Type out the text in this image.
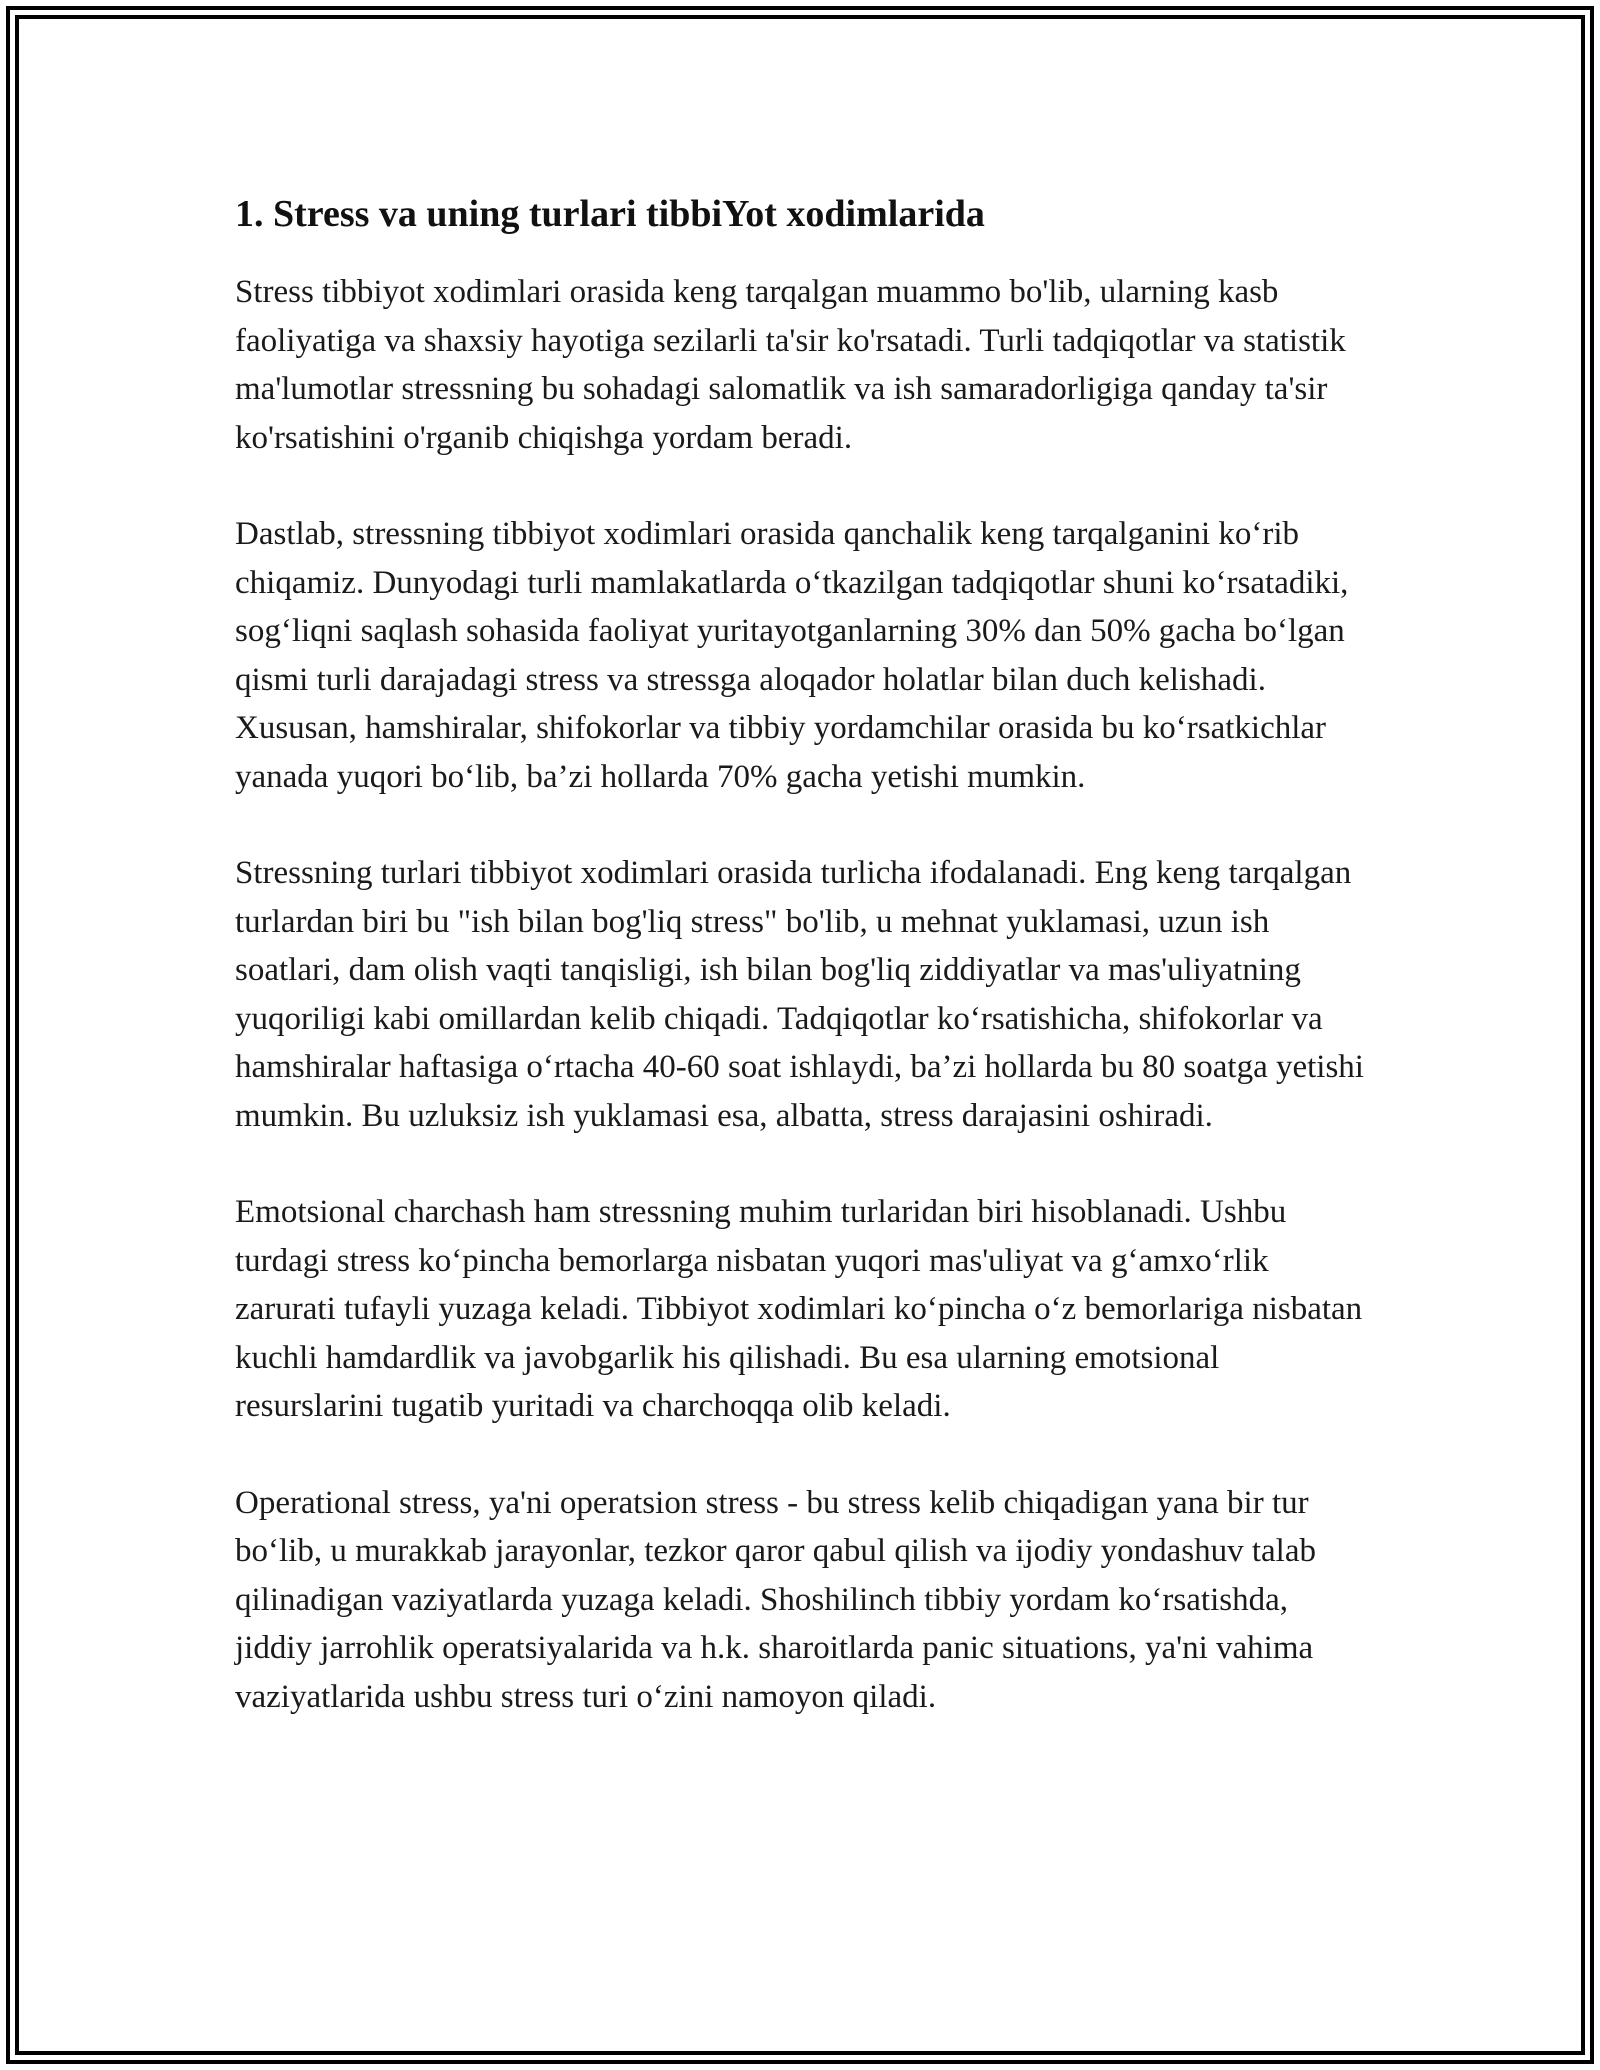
1. Stress va uning turlari tibbiYot xodimlarida

Stress tibbiyot xodimlari orasida keng tarqalgan muammo bo'lib, ularning kasb faoliyatiga va shaxsiy hayotiga sezilarli ta'sir ko'rsatadi. Turli tadqiqotlar va statistik ma'lumotlar stressning bu sohadagi salomatlik va ish samaradorligiga qanday ta'sir ko'rsatishini o'rganib chiqishga yordam beradi.

Dastlab, stressning tibbiyot xodimlari orasida qanchalik keng tarqalganini ko‘rib chiqamiz. Dunyodagi turli mamlakatlarda o‘tkazilgan tadqiqotlar shuni ko‘rsatadiki, sog‘liqni saqlash sohasida faoliyat yuritayotganlarning 30% dan 50% gacha bo‘lgan qismi turli darajadagi stress va stressga aloqador holatlar bilan duch kelishadi. Xususan, hamshiralar, shifokorlar va tibbiy yordamchilar orasida bu ko‘rsatkichlar yanada yuqori bo‘lib, ba’zi hollarda 70% gacha yetishi mumkin.

Stressning turlari tibbiyot xodimlari orasida turlicha ifodalanadi. Eng keng tarqalgan turlardan biri bu "ish bilan bog'liq stress" bo'lib, u mehnat yuklamasi, uzun ish soatlari, dam olish vaqti tanqisligi, ish bilan bog'liq ziddiyatlar va mas'uliyatning yuqoriligi kabi omillardan kelib chiqadi. Tadqiqotlar ko‘rsatishicha, shifokorlar va hamshiralar haftasiga o‘rtacha 40-60 soat ishlaydi, ba’zi hollarda bu 80 soatga yetishi mumkin. Bu uzluksiz ish yuklamasi esa, albatta, stress darajasini oshiradi.

Emotsional charchash ham stressning muhim turlaridan biri hisoblanadi. Ushbu turdagi stress ko‘pincha bemorlarga nisbatan yuqori mas'uliyat va g‘amxo‘rlik zarurati tufayli yuzaga keladi. Tibbiyot xodimlari ko‘pincha o‘z bemorlariga nisbatan kuchli hamdardlik va javobgarlik his qilishadi. Bu esa ularning emotsional resurslarini tugatib yuritadi va charchoqqa olib keladi.

Operational stress, ya'ni operatsion stress - bu stress kelib chiqadigan yana bir tur bo‘lib, u murakkab jarayonlar, tezkor qaror qabul qilish va ijodiy yondashuv talab qilinadigan vaziyatlarda yuzaga keladi. Shoshilinch tibbiy yordam ko‘rsatishda, jiddiy jarrohlik operatsiyalarida va h.k. sharoitlarda panic situations, ya'ni vahima vaziyatlarida ushbu stress turi o‘zini namoyon qiladi.
